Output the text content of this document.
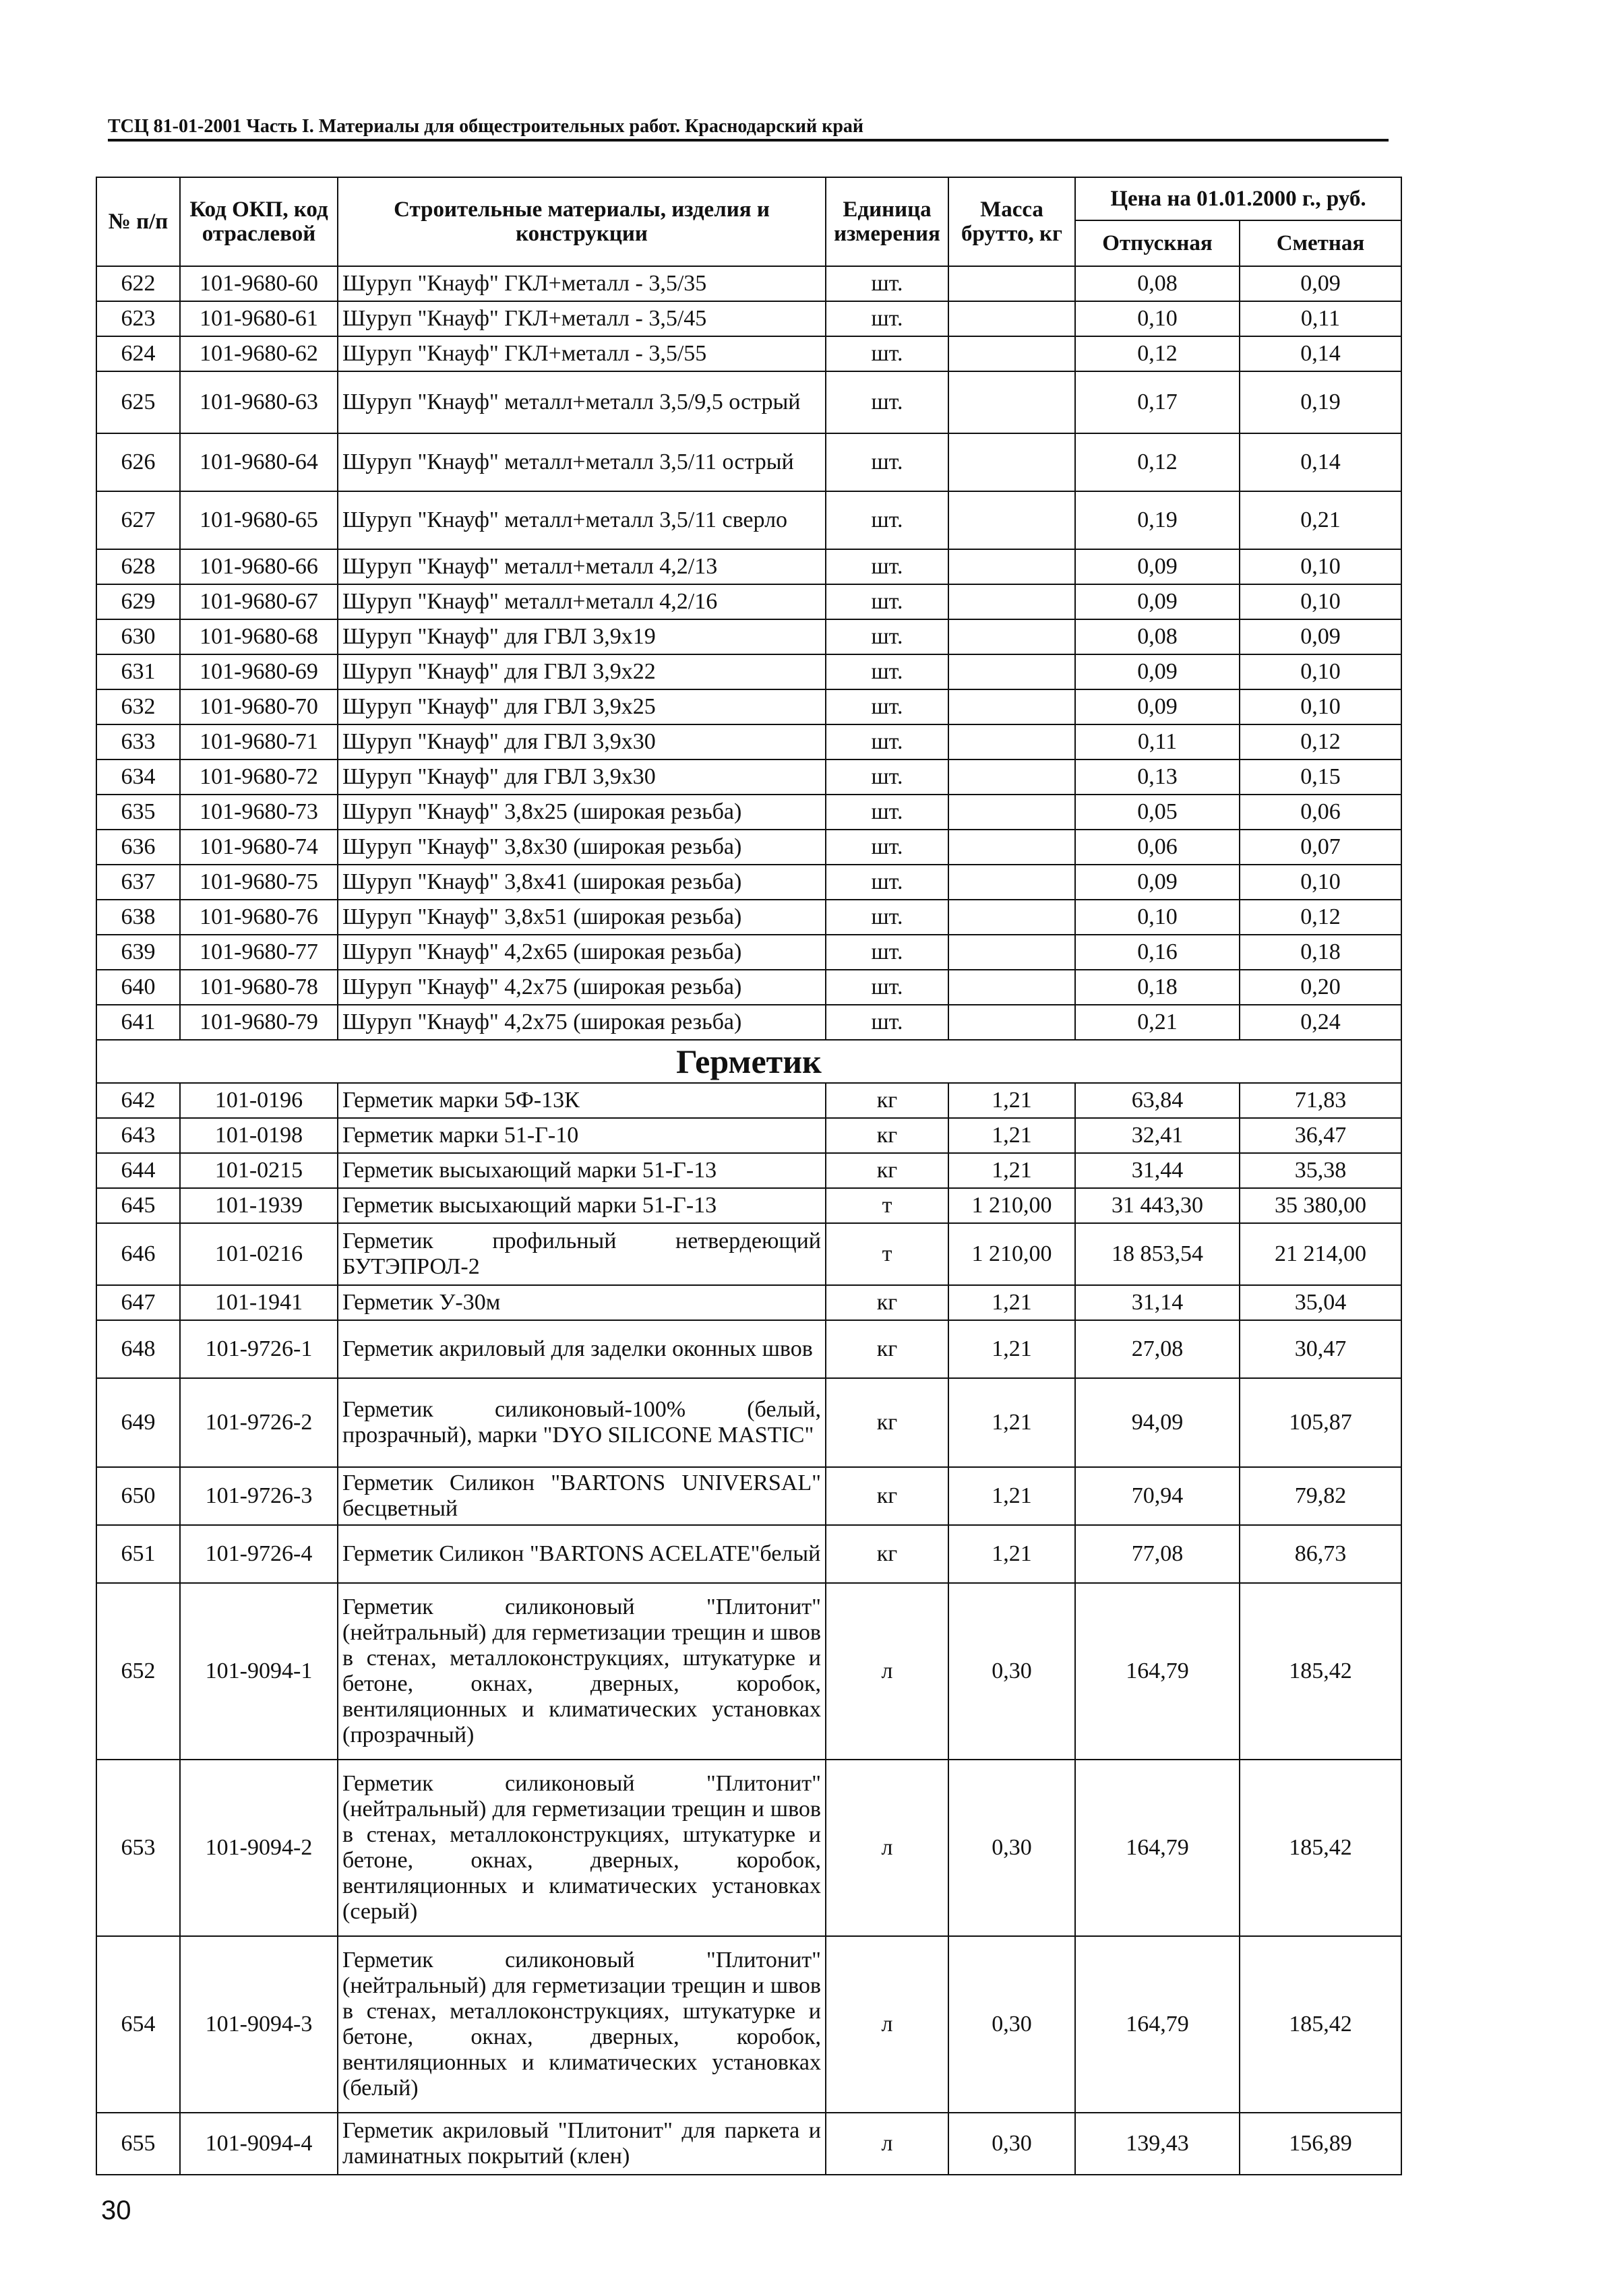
ТСЦ 81-01-2001 Часть I. Материалы для общестроительных работ. Краснодарский край
№ п/п	Код ОКП, код отраслевой	Строительные материалы, изделия и конструкции	Единица измерения	Масса брутто, кг	Цена на 01.01.2000 г., руб.	
					Отпускная	Сметная
622	101-9680-60	Шуруп "Кнауф" ГКЛ+металл - 3,5/35	шт.		0,08	0,09
623	101-9680-61	Шуруп "Кнауф" ГКЛ+металл - 3,5/45	шт.		0,10	0,11
624	101-9680-62	Шуруп "Кнауф" ГКЛ+металл - 3,5/55	шт.		0,12	0,14
625	101-9680-63	Шуруп "Кнауф" металл+металл 3,5/9,5 острый	шт.		0,17	0,19
626	101-9680-64	Шуруп "Кнауф" металл+металл 3,5/11 острый	шт.		0,12	0,14
627	101-9680-65	Шуруп "Кнауф" металл+металл 3,5/11 сверло	шт.		0,19	0,21
628	101-9680-66	Шуруп "Кнауф" металл+металл 4,2/13	шт.		0,09	0,10
629	101-9680-67	Шуруп "Кнауф" металл+металл 4,2/16	шт.		0,09	0,10
630	101-9680-68	Шуруп "Кнауф" для ГВЛ 3,9х19	шт.		0,08	0,09
631	101-9680-69	Шуруп "Кнауф" для ГВЛ 3,9х22	шт.		0,09	0,10
632	101-9680-70	Шуруп "Кнауф" для ГВЛ 3,9х25	шт.		0,09	0,10
633	101-9680-71	Шуруп "Кнауф" для ГВЛ 3,9х30	шт.		0,11	0,12
634	101-9680-72	Шуруп "Кнауф" для ГВЛ 3,9х30	шт.		0,13	0,15
635	101-9680-73	Шуруп "Кнауф" 3,8х25 (широкая резьба)	шт.		0,05	0,06
636	101-9680-74	Шуруп "Кнауф" 3,8х30 (широкая резьба)	шт.		0,06	0,07
637	101-9680-75	Шуруп "Кнауф" 3,8х41 (широкая резьба)	шт.		0,09	0,10
638	101-9680-76	Шуруп "Кнауф" 3,8х51 (широкая резьба)	шт.		0,10	0,12
639	101-9680-77	Шуруп "Кнауф" 4,2х65 (широкая резьба)	шт.		0,16	0,18
640	101-9680-78	Шуруп "Кнауф" 4,2х75 (широкая резьба)	шт.		0,18	0,20
641	101-9680-79	Шуруп "Кнауф" 4,2х75 (широкая резьба)	шт.		0,21	0,24
Герметик						
642	101-0196	Герметик марки 5Ф-13К	кг	1,21	63,84	71,83
643	101-0198	Герметик марки 51-Г-10	кг	1,21	32,41	36,47
644	101-0215	Герметик высыхающий марки 51-Г-13	кг	1,21	31,44	35,38
645	101-1939	Герметик высыхающий марки 51-Г-13	т	1 210,00	31 443,30	35 380,00
646	101-0216	Герметик профильный нетвердеющий БУТЭПРОЛ-2	т	1 210,00	18 853,54	21 214,00
647	101-1941	Герметик У-30м	кг	1,21	31,14	35,04
648	101-9726-1	Герметик акриловый для заделки оконных швов	кг	1,21	27,08	30,47
649	101-9726-2	Герметик силиконовый-100% (белый, прозрачный), марки "DYO SILICONE MASTIC"	кг	1,21	94,09	105,87
650	101-9726-3	Герметик Силикон "BARTONS UNIVERSAL" бесцветный	кг	1,21	70,94	79,82
651	101-9726-4	Герметик Силикон "BARTONS ACELATE"белый	кг	1,21	77,08	86,73
652	101-9094-1	Герметик силиконовый "Плитонит" (нейтральный) для герметизации трещин и швов в стенах, металлоконструкциях, штукатурке и бетоне, окнах, дверных, коробок, вентиляционных и климатических установках (прозрачный)	л	0,30	164,79	185,42
653	101-9094-2	Герметик силиконовый "Плитонит" (нейтральный) для герметизации трещин и швов в стенах, металлоконструкциях, штукатурке и бетоне, окнах, дверных, коробок, вентиляционных и климатических установках (серый)	л	0,30	164,79	185,42
654	101-9094-3	Герметик силиконовый "Плитонит" (нейтральный) для герметизации трещин и швов в стенах, металлоконструкциях, штукатурке и бетоне, окнах, дверных, коробок, вентиляционных и климатических установках (белый)	л	0,30	164,79	185,42
655	101-9094-4	Герметик акриловый "Плитонит" для паркета и ламинатных покрытий (клен)	л	0,30	139,43	156,89
30
